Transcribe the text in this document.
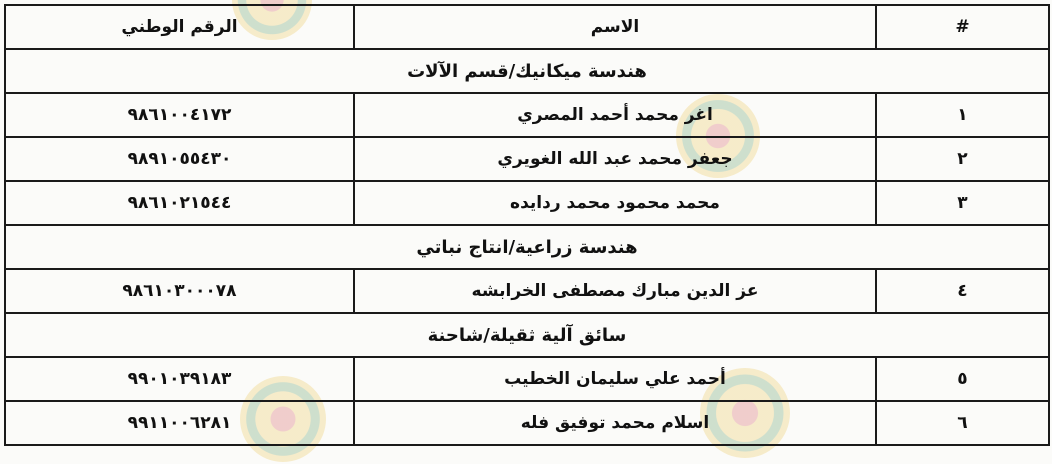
#	الاسم	الرقم الوطني
هندسة ميكانيك/قسم الآلات		
١	اغر محمد أحمد المصري	٩٨٦١٠٠٤١٧٢
٢	جعفر محمد عبد الله الغويري	٩٨٩١٠٥٥٤٣٠
٣	محمد محمود محمد ردايده	٩٨٦١٠٢١٥٤٤
هندسة زراعية/انتاج نباتي		
٤	عز الدين مبارك مصطفى الخرابشه	٩٨٦١٠٣٠٠٠٧٨
سائق آلية ثقيلة/شاحنة		
٥	أحمد علي سليمان الخطيب	٩٩٠١٠٣٩١٨٣
٦	اسلام محمد توفيق فله	٩٩١١٠٠٦٢٨١
